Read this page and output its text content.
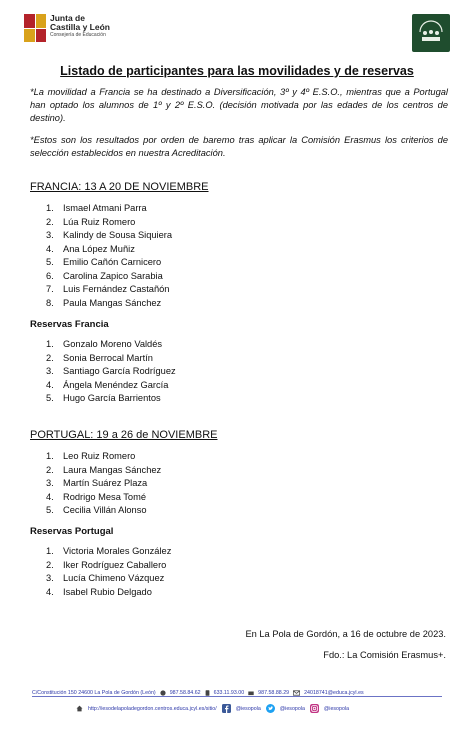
Junta de
Castilla y León
Consejería de Educación
Listado de participantes para las movilidades y de reservas

*La movilidad a Francia se ha destinado a Diversificación, 3º y 4º E.S.O., mientras que a Portugal han optado los alumnos de 1º y 2º E.S.O. (decisión motivada por las edades de los centros de destino).

*Estos son los resultados por orden de baremo tras aplicar la Comisión Erasmus los criterios de selección establecidos en nuestra Acreditación.

FRANCIA: 13 A 20 DE NOVIEMBRE
1. Ismael Atmani Parra
2. Lúa Ruiz Romero
3. Kalindy de Sousa Siquiera
4. Ana López Muñiz
5. Emilio Cañón Carnicero
6. Carolina Zapico Sarabia
7. Luis Fernández Castañón
8. Paula Mangas Sánchez
Reservas Francia
1. Gonzalo Moreno Valdés
2. Sonia Berrocal Martín
3. Santiago García Rodríguez
4. Ángela Menéndez García
5. Hugo García Barrientos
PORTUGAL: 19 a 26 de NOVIEMBRE
1. Leo Ruiz Romero
2. Laura Mangas Sánchez
3. Martín Suárez Plaza
4. Rodrigo Mesa Tomé
5. Cecilia Villán Alonso
Reservas Portugal
1. Victoria Morales González
2. Iker Rodríguez Caballero
3. Lucía Chimeno Vázquez
4. Isabel Rubio Delgado
En La Pola de Gordón, a 16 de octubre de 2023.
Fdo.: La Comisión Erasmus+.
C/Constitución 150 24600 La Pola de Gordón (León)	987.58.84.62 633.11.93.00	987.58.88.29	24018741@educa.jcyl.es
http://iesodelapoladegordon.centros.educa.jcyl.es/sitio/	@iesopola	@iesopola	@iesopola
